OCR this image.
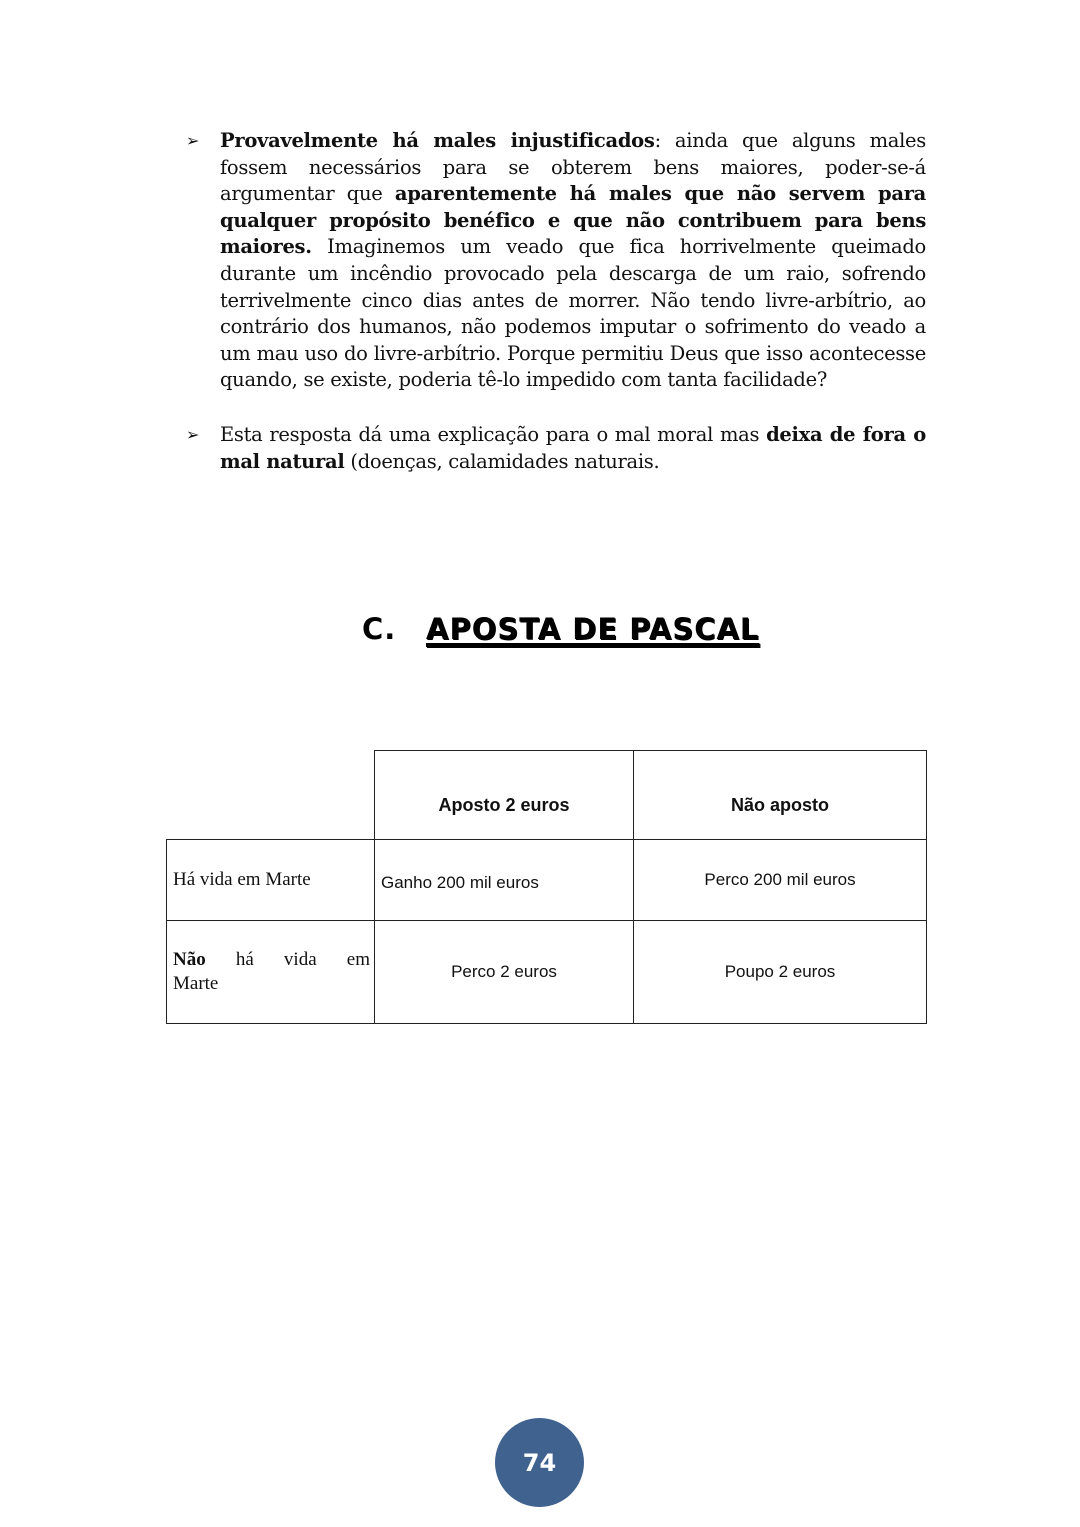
➢ Provavelmente há males injustificados: ainda que alguns males fossem necessários para se obterem bens maiores, poder-se-á argumentar que aparentemente há males que não servem para qualquer propósito benéfico e que não contribuem para bens maiores. Imaginemos um veado que fica horrivelmente queimado durante um incêndio provocado pela descarga de um raio, sofrendo terrivelmente cinco dias antes de morrer. Não tendo livre-arbítrio, ao contrário dos humanos, não podemos imputar o sofrimento do veado a um mau uso do livre-arbítrio. Porque permitiu Deus que isso acontecesse quando, se existe, poderia tê-lo impedido com tanta facilidade?
➢ Esta resposta dá uma explicação para o mal moral mas deixa de fora o mal natural (doenças, calamidades naturais.
C. APOSTA DE PASCAL
	Aposto 2 euros	Não aposto
Há vida em Marte	Ganho 200 mil euros	Perco 200 mil euros

Não há vida em
Marte	Perco 2 euros	Poupo 2 euros
74
